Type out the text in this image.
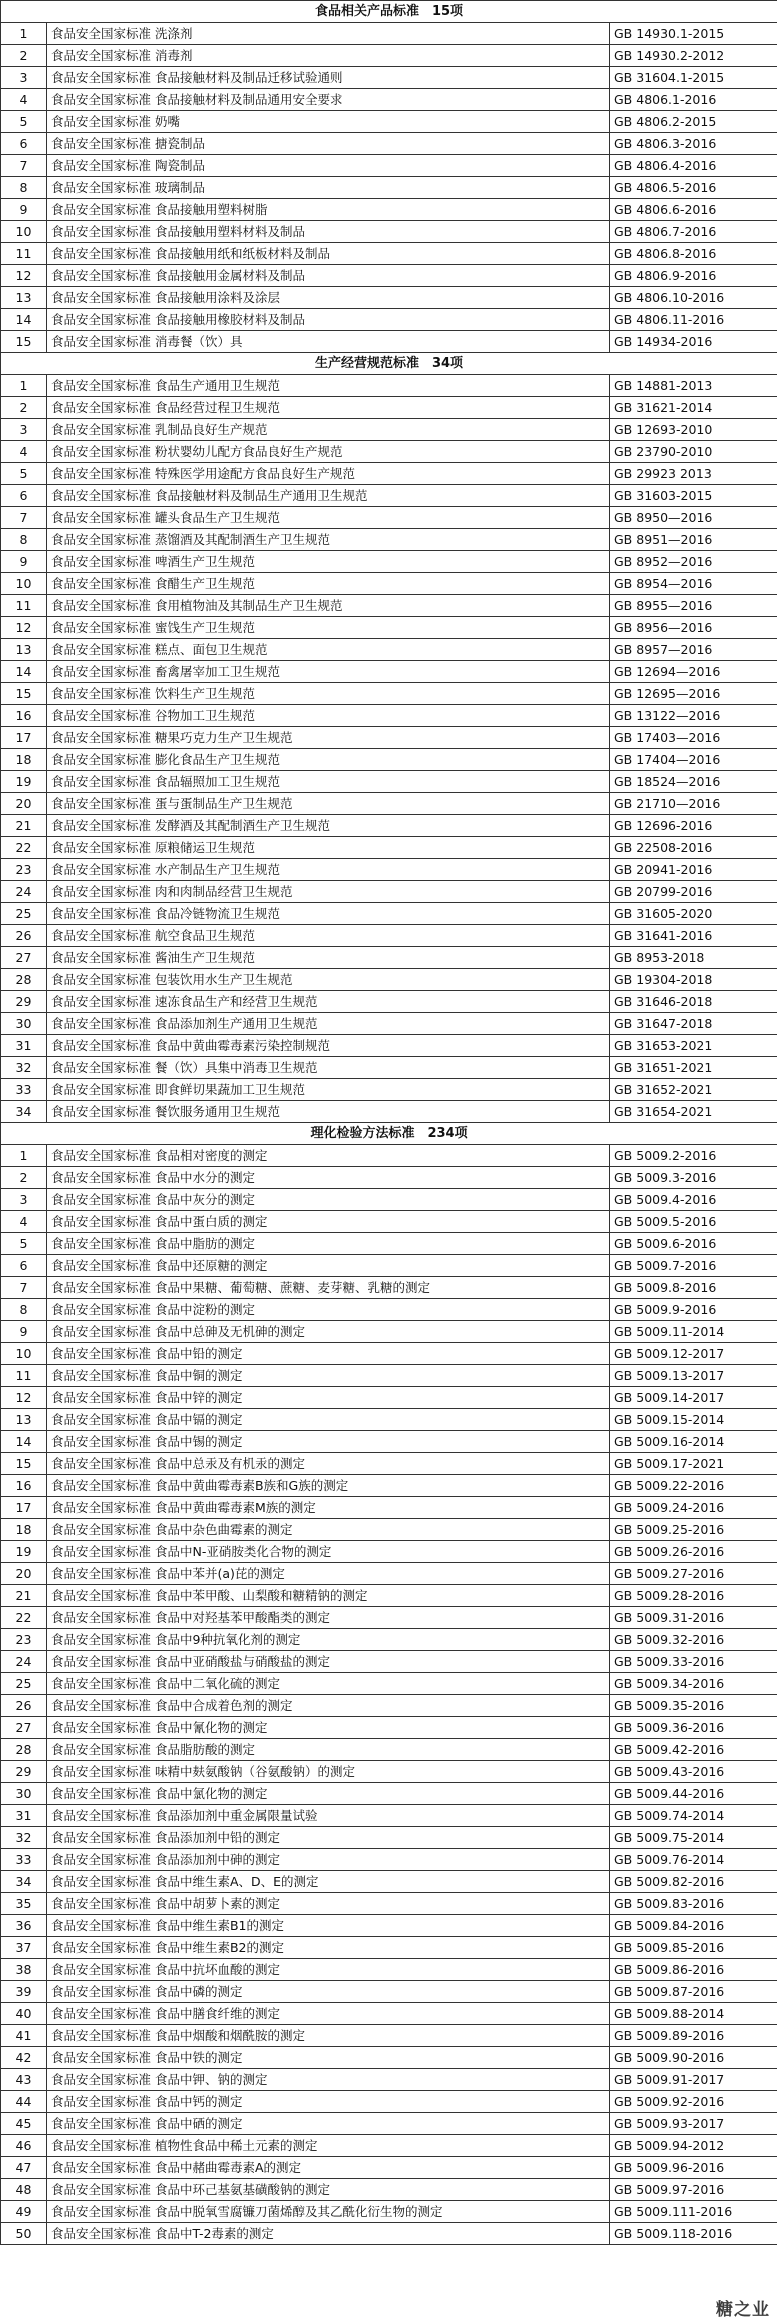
食品相关产品标准　15项		
1	食品安全国家标准 洗涤剂	GB 14930.1-2015
2	食品安全国家标准 消毒剂	GB 14930.2-2012
3	食品安全国家标准 食品接触材料及制品迁移试验通则	GB 31604.1-2015
4	食品安全国家标准 食品接触材料及制品通用安全要求	GB 4806.1-2016
5	食品安全国家标准 奶嘴	GB 4806.2-2015
6	食品安全国家标准 搪瓷制品	GB 4806.3-2016
7	食品安全国家标准 陶瓷制品	GB 4806.4-2016
8	食品安全国家标准 玻璃制品	GB 4806.5-2016
9	食品安全国家标准 食品接触用塑料树脂	GB 4806.6-2016
10	食品安全国家标准 食品接触用塑料材料及制品	GB 4806.7-2016
11	食品安全国家标准 食品接触用纸和纸板材料及制品	GB 4806.8-2016
12	食品安全国家标准 食品接触用金属材料及制品	GB 4806.9-2016
13	食品安全国家标准 食品接触用涂料及涂层	GB 4806.10-2016
14	食品安全国家标准 食品接触用橡胶材料及制品	GB 4806.11-2016
15	食品安全国家标准 消毒餐（饮）具	GB 14934-2016
生产经营规范标准　34项		
1	食品安全国家标准 食品生产通用卫生规范	GB 14881-2013
2	食品安全国家标准 食品经营过程卫生规范	GB 31621-2014
3	食品安全国家标准 乳制品良好生产规范	GB 12693-2010
4	食品安全国家标准 粉状婴幼儿配方食品良好生产规范	GB 23790-2010
5	食品安全国家标准 特殊医学用途配方食品良好生产规范	GB 29923 2013
6	食品安全国家标准 食品接触材料及制品生产通用卫生规范	GB 31603-2015
7	食品安全国家标准 罐头食品生产卫生规范	GB 8950—2016
8	食品安全国家标准 蒸馏酒及其配制酒生产卫生规范	GB 8951—2016
9	食品安全国家标准 啤酒生产卫生规范	GB 8952—2016
10	食品安全国家标准 食醋生产卫生规范	GB 8954—2016
11	食品安全国家标准 食用植物油及其制品生产卫生规范	GB 8955—2016
12	食品安全国家标准 蜜饯生产卫生规范	GB 8956—2016
13	食品安全国家标准 糕点、面包卫生规范	GB 8957—2016
14	食品安全国家标准 畜禽屠宰加工卫生规范	GB 12694—2016
15	食品安全国家标准 饮料生产卫生规范	GB 12695—2016
16	食品安全国家标准 谷物加工卫生规范	GB 13122—2016
17	食品安全国家标准 糖果巧克力生产卫生规范	GB 17403—2016
18	食品安全国家标准 膨化食品生产卫生规范	GB 17404—2016
19	食品安全国家标准 食品辐照加工卫生规范	GB 18524—2016
20	食品安全国家标准 蛋与蛋制品生产卫生规范	GB 21710—2016
21	食品安全国家标准 发酵酒及其配制酒生产卫生规范	GB 12696-2016
22	食品安全国家标准 原粮储运卫生规范	GB 22508-2016
23	食品安全国家标准 水产制品生产卫生规范	GB 20941-2016
24	食品安全国家标准 肉和肉制品经营卫生规范	GB 20799-2016
25	食品安全国家标准 食品冷链物流卫生规范	GB 31605-2020
26	食品安全国家标准 航空食品卫生规范	GB 31641-2016
27	食品安全国家标准 酱油生产卫生规范	GB 8953-2018
28	食品安全国家标准 包装饮用水生产卫生规范	GB 19304-2018
29	食品安全国家标准 速冻食品生产和经营卫生规范	GB 31646-2018
30	食品安全国家标准 食品添加剂生产通用卫生规范	GB 31647-2018
31	食品安全国家标准 食品中黄曲霉毒素污染控制规范	GB 31653-2021
32	食品安全国家标准 餐（饮）具集中消毒卫生规范	GB 31651-2021
33	食品安全国家标准 即食鲜切果蔬加工卫生规范	GB 31652-2021
34	食品安全国家标准 餐饮服务通用卫生规范	GB 31654-2021
理化检验方法标准　234项		
1	食品安全国家标准 食品相对密度的测定	GB 5009.2-2016
2	食品安全国家标准 食品中水分的测定	GB 5009.3-2016
3	食品安全国家标准 食品中灰分的测定	GB 5009.4-2016
4	食品安全国家标准 食品中蛋白质的测定	GB 5009.5-2016
5	食品安全国家标准 食品中脂肪的测定	GB 5009.6-2016
6	食品安全国家标准 食品中还原糖的测定	GB 5009.7-2016
7	食品安全国家标准 食品中果糖、葡萄糖、蔗糖、麦芽糖、乳糖的测定	GB 5009.8-2016
8	食品安全国家标准 食品中淀粉的测定	GB 5009.9-2016
9	食品安全国家标准 食品中总砷及无机砷的测定	GB 5009.11-2014
10	食品安全国家标准 食品中铅的测定	GB 5009.12-2017
11	食品安全国家标准 食品中铜的测定	GB 5009.13-2017
12	食品安全国家标准 食品中锌的测定	GB 5009.14-2017
13	食品安全国家标准 食品中镉的测定	GB 5009.15-2014
14	食品安全国家标准 食品中锡的测定	GB 5009.16-2014
15	食品安全国家标准 食品中总汞及有机汞的测定	GB 5009.17-2021
16	食品安全国家标准 食品中黄曲霉毒素B族和G族的测定	GB 5009.22-2016
17	食品安全国家标准 食品中黄曲霉毒素M族的测定	GB 5009.24-2016
18	食品安全国家标准 食品中杂色曲霉素的测定	GB 5009.25-2016
19	食品安全国家标准 食品中N-亚硝胺类化合物的测定	GB 5009.26-2016
20	食品安全国家标准 食品中苯并(a)芘的测定	GB 5009.27-2016
21	食品安全国家标准 食品中苯甲酸、山梨酸和糖精钠的测定	GB 5009.28-2016
22	食品安全国家标准 食品中对羟基苯甲酸酯类的测定	GB 5009.31-2016
23	食品安全国家标准 食品中9种抗氧化剂的测定	GB 5009.32-2016
24	食品安全国家标准 食品中亚硝酸盐与硝酸盐的测定	GB 5009.33-2016
25	食品安全国家标准 食品中二氧化硫的测定	GB 5009.34-2016
26	食品安全国家标准 食品中合成着色剂的测定	GB 5009.35-2016
27	食品安全国家标准 食品中氰化物的测定	GB 5009.36-2016
28	食品安全国家标准 食品脂肪酸的测定	GB 5009.42-2016
29	食品安全国家标准 味精中麸氨酸钠（谷氨酸钠）的测定	GB 5009.43-2016
30	食品安全国家标准 食品中氯化物的测定	GB 5009.44-2016
31	食品安全国家标准 食品添加剂中重金属限量试验	GB 5009.74-2014
32	食品安全国家标准 食品添加剂中铅的测定	GB 5009.75-2014
33	食品安全国家标准 食品添加剂中砷的测定	GB 5009.76-2014
34	食品安全国家标准 食品中维生素A、D、E的测定	GB 5009.82-2016
35	食品安全国家标准 食品中胡萝卜素的测定	GB 5009.83-2016
36	食品安全国家标准 食品中维生素B1的测定	GB 5009.84-2016
37	食品安全国家标准 食品中维生素B2的测定	GB 5009.85-2016
38	食品安全国家标准 食品中抗坏血酸的测定	GB 5009.86-2016
39	食品安全国家标准 食品中磷的测定	GB 5009.87-2016
40	食品安全国家标准 食品中膳食纤维的测定	GB 5009.88-2014
41	食品安全国家标准 食品中烟酸和烟酰胺的测定	GB 5009.89-2016
42	食品安全国家标准 食品中铁的测定	GB 5009.90-2016
43	食品安全国家标准 食品中钾、钠的测定	GB 5009.91-2017
44	食品安全国家标准 食品中钙的测定	GB 5009.92-2016
45	食品安全国家标准 食品中硒的测定	GB 5009.93-2017
46	食品安全国家标准 植物性食品中稀土元素的测定	GB 5009.94-2012
47	食品安全国家标准 食品中赭曲霉毒素A的测定	GB 5009.96-2016
48	食品安全国家标准 食品中环己基氨基磺酸钠的测定	GB 5009.97-2016
49	食品安全国家标准 食品中脱氧雪腐镰刀菌烯醇及其乙酰化衍生物的测定	GB 5009.111-2016
50	食品安全国家标准 食品中T-2毒素的测定	GB 5009.118-2016
糖之业
